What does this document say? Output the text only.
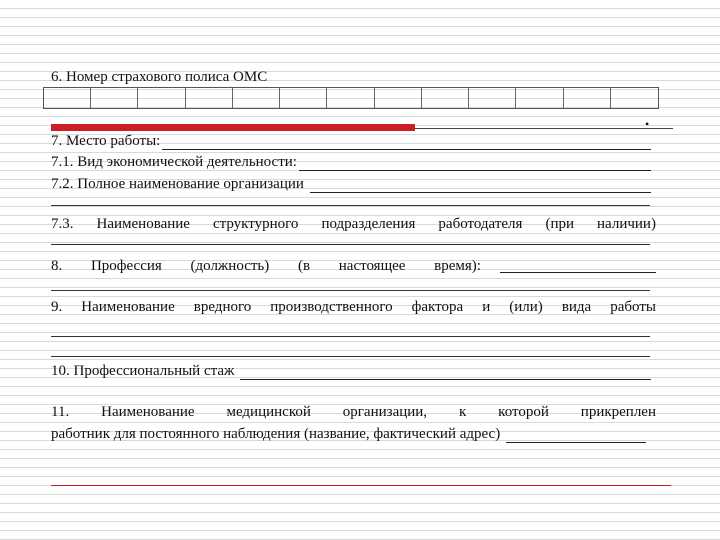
6. Номер страхового полиса ОМС
•
7. Место работы:
7.1. Вид экономической деятельности:
7.2. Полное наименование организации
7.3. Наименование структурного подразделения работодателя (при наличии)
8. Профессия (должность) (в настоящее время):
9. Наименование вредного производственного фактора и (или) вида работы
10. Профессиональный стаж
11. Наименование медицинской организации, к которой прикреплен
работник для постоянного наблюдения (название, фактический адрес)
